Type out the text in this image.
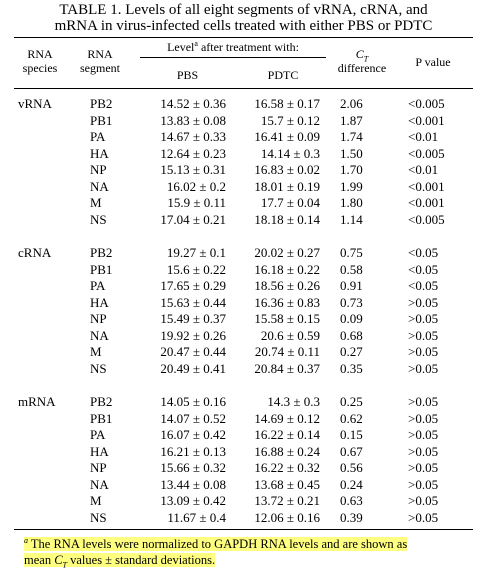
TABLE 1. Levels of all eight segments of vRNA, cRNA, and
mRNA in virus-infected cells treated with either PBS or PDTC
RNA
species
RNA
segment
Level$^a$ after treatment with:
PBS	PDTC
$C_T$
difference	P value
vRNA	PB2	14.52 ± 0.36	16.58 ± 0.17 2.06	<0.005
PB1	13.83 ± 0.08	15.7 ± 0.12 1.87	<0.001
PA	14.67 ± 0.33	16.41 ± 0.09 1.74	<0.01
HA	12.64 ± 0.23	14.14 ± 0.3 1.50	<0.005
NP	15.13 ± 0.31	16.83 ± 0.02 1.70	<0.01
NA	16.02 ± 0.2	18.01 ± 0.19 1.99	<0.001
M	15.9 ± 0.11	17.7 ± 0.04 1.80	<0.001
NS	17.04 ± 0.21	18.18 ± 0.14 1.14	<0.005
cRNA	PB2	19.27 ± 0.1	20.02 ± 0.27 0.75	<0.05
PB1	15.6 ± 0.22	16.18 ± 0.22 0.58	<0.05
PA	17.65 ± 0.29	18.56 ± 0.26 0.91	<0.05
HA	15.63 ± 0.44	16.36 ± 0.83 0.73	>0.05
NP	15.49 ± 0.37	15.58 ± 0.15 0.09	>0.05
NA	19.92 ± 0.26	20.6 ± 0.59 0.68	>0.05
M	20.47 ± 0.44	20.74 ± 0.11 0.27	>0.05
NS	20.49 ± 0.41	20.84 ± 0.37 0.35	>0.05
mRNA	PB2	14.05 ± 0.16	14.3 ± 0.3 0.25	>0.05
PB1	14.07 ± 0.52	14.69 ± 0.12 0.62	>0.05
PA	16.07 ± 0.42	16.22 ± 0.14 0.15	>0.05
HA	16.21 ± 0.13	16.88 ± 0.24 0.67	>0.05
NP	15.66 ± 0.32	16.22 ± 0.32 0.56	>0.05
NA	13.44 ± 0.08	13.68 ± 0.45 0.24	>0.05
M	13.09 ± 0.42	13.72 ± 0.21 0.63	>0.05
NS	11.67 ± 0.4	12.06 ± 0.16 0.39	>0.05
$^a$ The RNA levels were normalized to GAPDH RNA levels and are shown as
mean $C_T$ values ± standard deviations.
